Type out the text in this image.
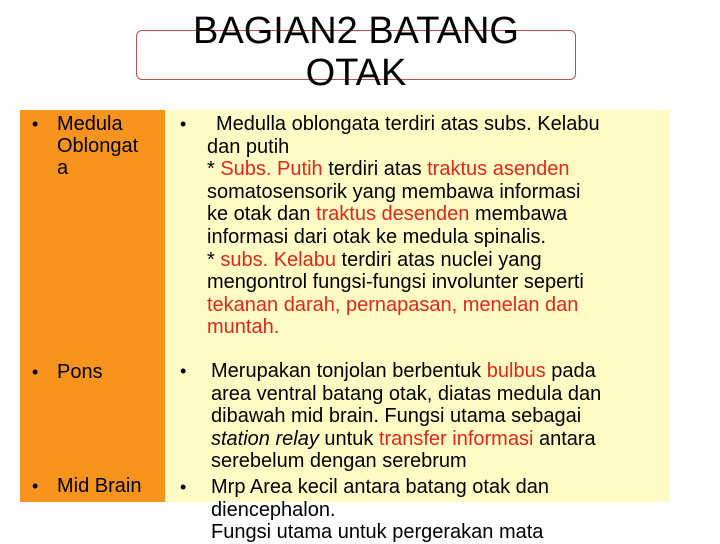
BAGIAN2 BATANG
OTAK
• Medula
Oblongat
a
• Pons
• Mid Brain
•	Medulla oblongata terdiri atas subs. Kelabu
dan putih
* Subs. Putih terdiri atas traktus asenden
somatosensorik yang membawa informasi
ke otak dan traktus desenden membawa
informasi dari otak ke medula spinalis.
* subs. Kelabu terdiri atas nuclei yang
mengontrol fungsi-fungsi involunter seperti
tekanan darah, pernapasan, menelan dan
muntah.
• Merupakan tonjolan berbentuk bulbus pada
area ventral batang otak, diatas medula dan
dibawah mid brain. Fungsi utama sebagai
station relay untuk transfer informasi antara
serebelum dengan serebrum
• Mrp Area kecil antara batang otak dan
diencephalon.
Fungsi utama untuk pergerakan mata
